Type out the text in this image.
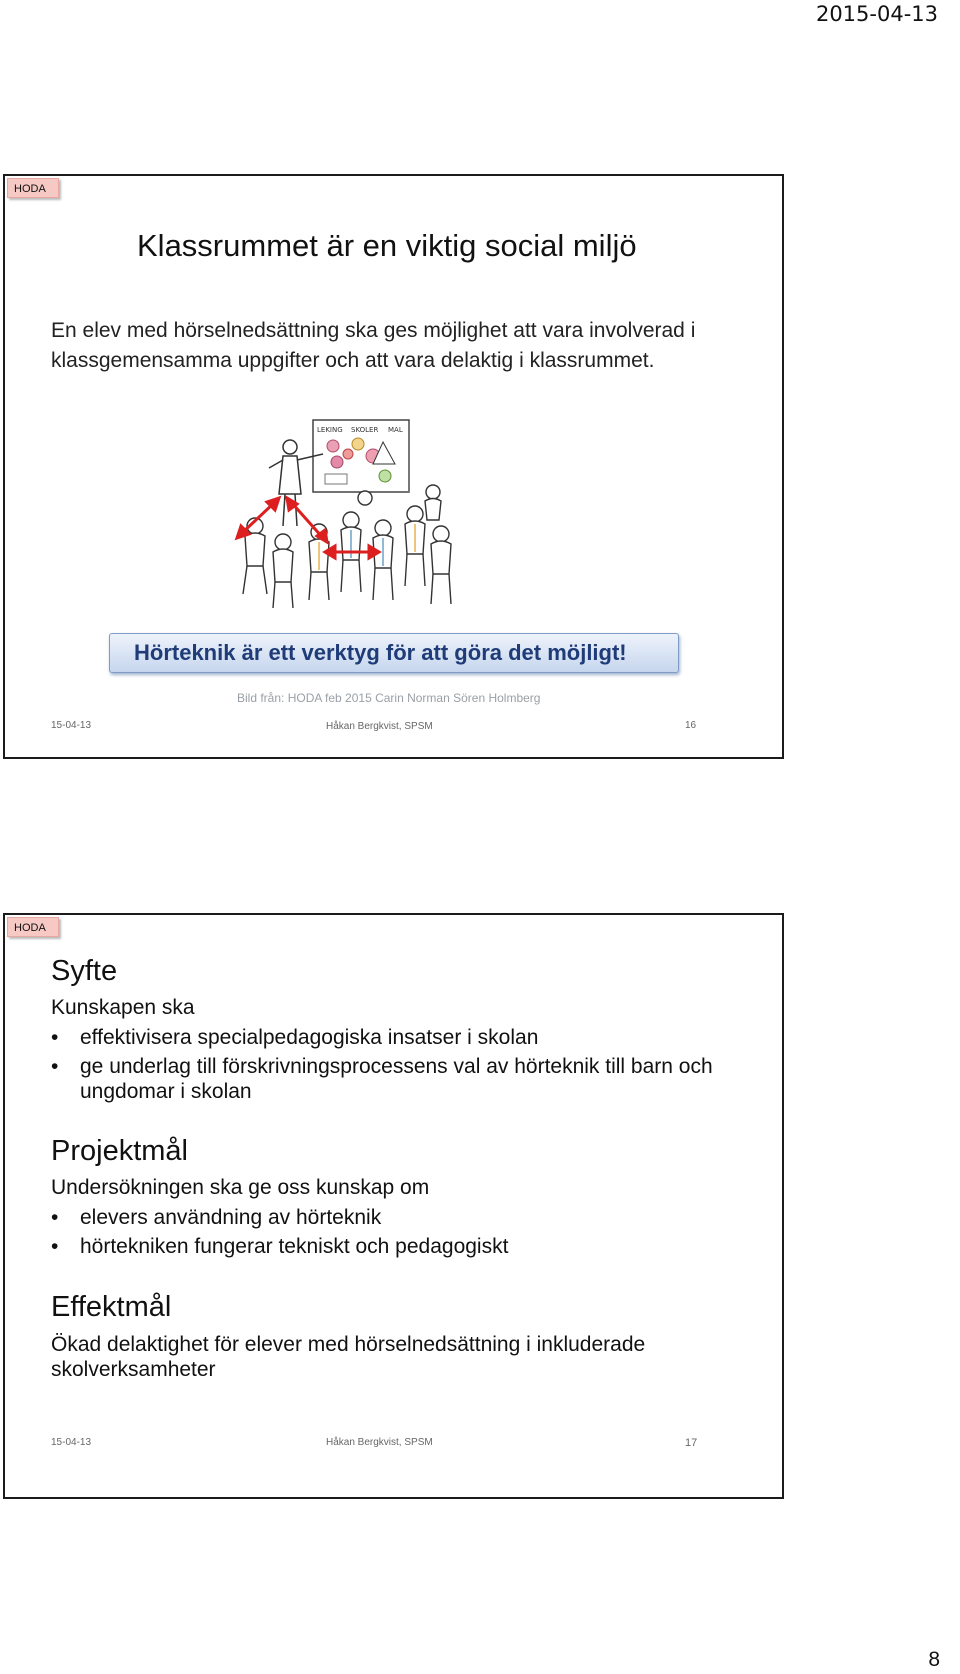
2015-04-13
HODA
Klassrummet är en viktig social miljö
En elev med hörselnedsättning ska ges möjlighet att vara involverad i klassgemensamma uppgifter och att vara delaktig i klassrummet.
LEKING SKOLER MAL
Hörteknik är ett verktyg för att göra det möjligt!
Bild från: HODA feb 2015 Carin Norman Sören Holmberg
15-04-13	Håkan Bergkvist, SPSM	16
HODA
Syfte
Kunskapen ska
•	effektivisera specialpedagogiska insatser i skolan
•	ge underlag till förskrivningsprocessens val av hörteknik till barn och ungdomar i skolan
Projektmål
Undersökningen ska ge oss kunskap om
•	elevers användning av hörteknik
•	hörtekniken fungerar tekniskt och pedagogiskt
Effektmål
Ökad delaktighet för elever med hörselnedsättning i inkluderade skolverksamheter
15-04-13	Håkan Bergkvist, SPSM	17
8
